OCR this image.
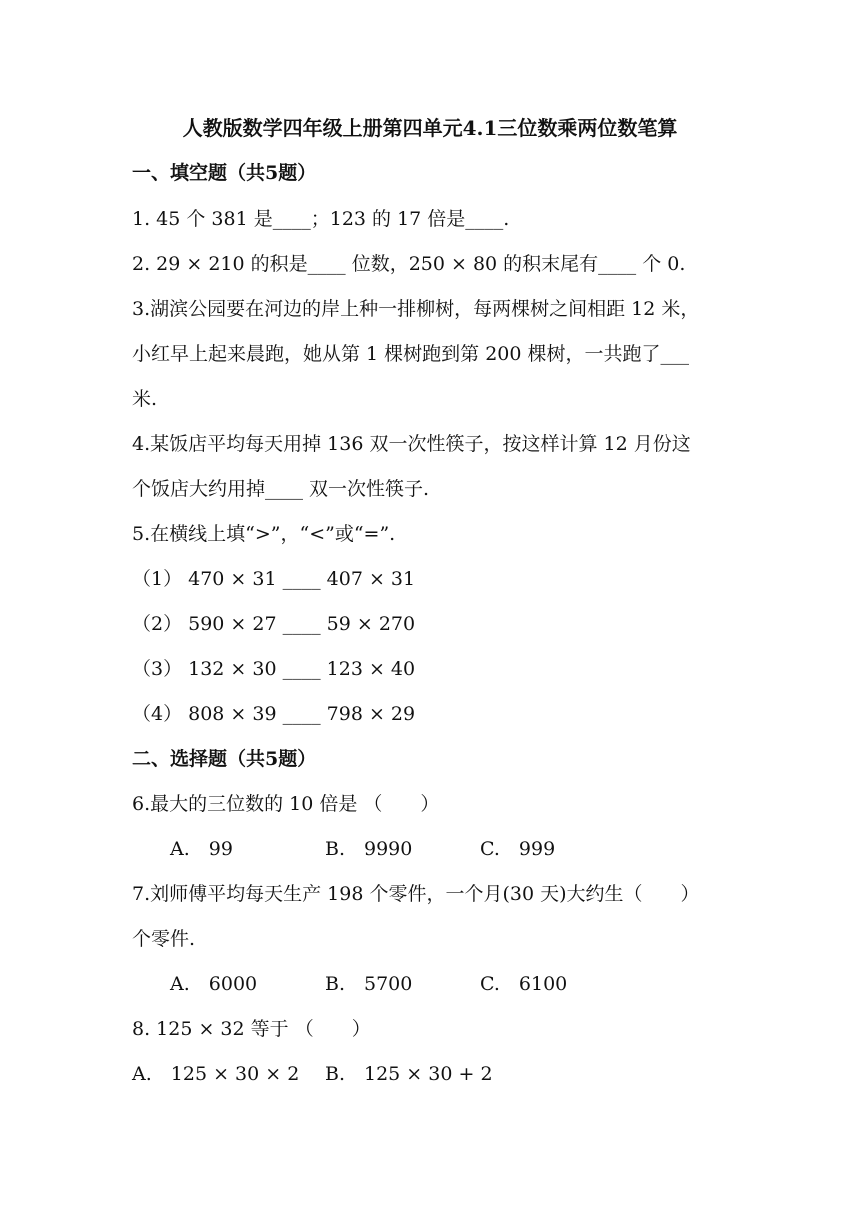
人教版数学四年级上册第四单元4.1三位数乘两位数笔算
一、填空题（共5题）
1. 45 个 381 是____；123 的 17 倍是____.
2. 29 × 210 的积是____ 位数，250 × 80 的积末尾有____ 个 0.
3.湖滨公园要在河边的岸上种一排柳树，每两棵树之间相距 12 米，
小红早上起来晨跑，她从第 1 棵树跑到第 200 棵树，一共跑了___
米.
4.某饭店平均每天用掉 136 双一次性筷子，按这样计算 12 月份这
个饭店大约用掉____ 双一次性筷子.
5.在横线上填“>”，“<”或“=”.
（1） 470 × 31 ____ 407 × 31
（2） 590 × 27 ____ 59 × 270
（3） 132 × 30 ____ 123 × 40
（4） 808 × 39 ____ 798 × 29
二、选择题（共5题）
6.最大的三位数的 10 倍是 （　　）
A.　99	B.　9990	C.　999
7.刘师傅平均每天生产 198 个零件，一个月(30 天)大约生（　　）
个零件.
A.　6000	B.　5700	C.　6100
8. 125 × 32 等于 （　　）
A.　125 × 30 × 2 B.　125 × 30 + 2
